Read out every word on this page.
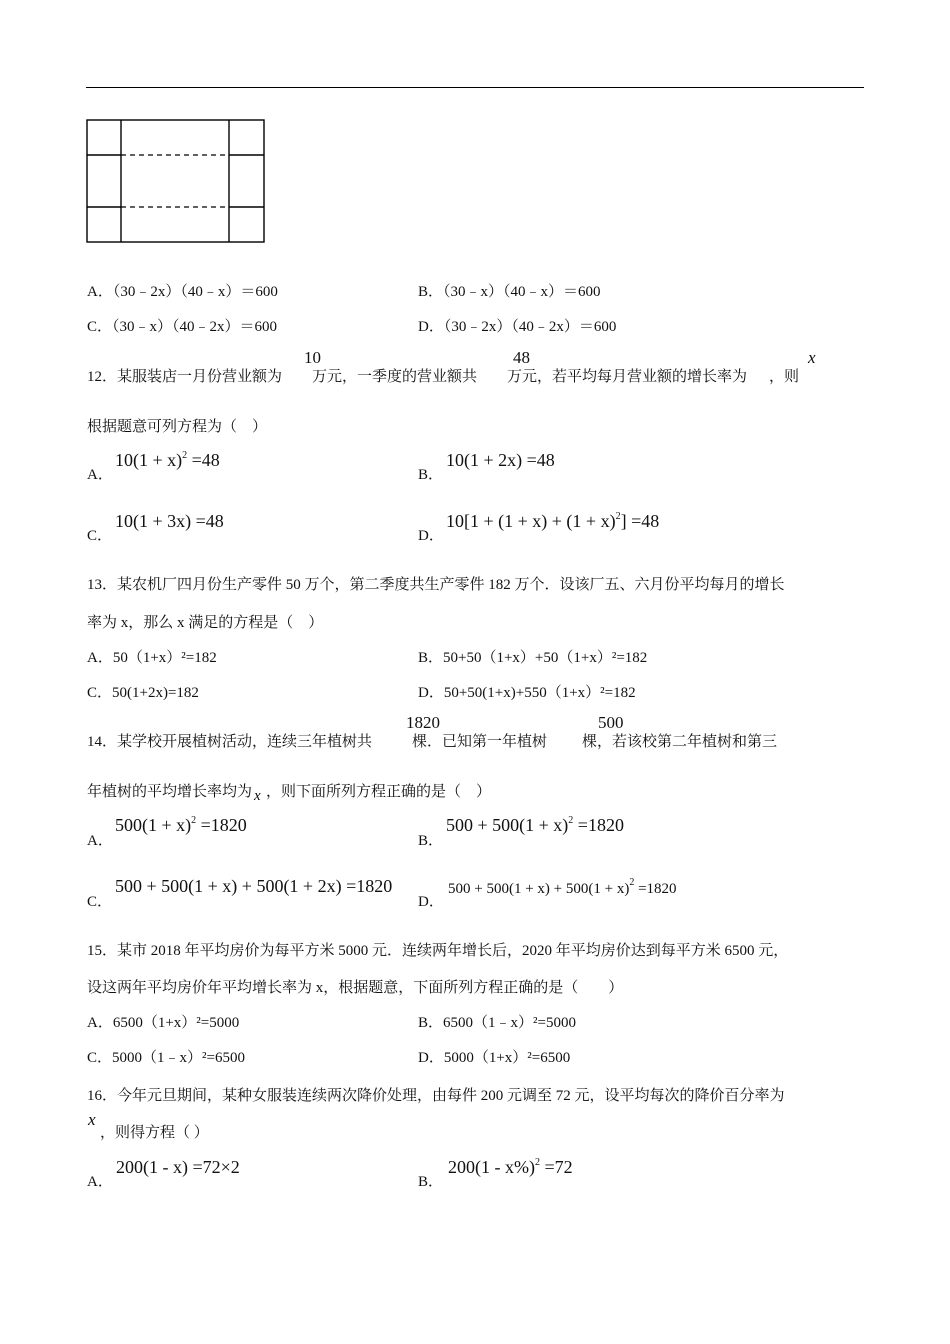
A．（30﹣2x）（40﹣x）＝600	B．（30﹣x）（40﹣x）＝600
C．（30﹣x）（40﹣2x）＝600	D．（30﹣2x）（40﹣2x）＝600
12．某服装店一月份营业额为 万元，一季度的营业额共 万元，若平均每月营业额的增长率为 ，则
10	48	x
根据题意可列方程为（　）
A．
$10(1 + x)^2 =48$
B．
10(1 + 2x) =48
C．
10(1 + 3x) =48
D．
$10[1 + (1 + x) + (1 + x)^2] =48$
13．某农机厂四月份生产零件 50 万个，第二季度共生产零件 182 万个．设该厂五、六月份平均每月的增长
率为 x，那么 x 满足的方程是（　）
A．50（1+x）²=182	B．50+50（1+x）+50（1+x）²=182
C．50(1+2x)=182	D．50+50(1+x)+550（1+x）²=182
14．某学校开展植树活动，连续三年植树共	棵．已知第一年植树 棵，若该校第二年植树和第三
1820	500
年植树的平均增长率均为 x ，则下面所列方程正确的是（　）
A．
$500(1 + x)^2 =1820$
B．
$500 + 500(1 + x)^2 =1820$
C．
500 + 500(1 + x) + 500(1 + 2x) =1820
D．
$500 + 500(1 + x) + 500(1 + x)^2 =1820$
15．某市 2018 年平均房价为每平方米 5000 元．连续两年增长后，2020 年平均房价达到每平方米 6500 元，
设这两年平均房价年平均增长率为 x，根据题意，下面所列方程正确的是（　　）
A．6500（1+x）²=5000	B．6500（1﹣x）²=5000
C．5000（1﹣x）²=6500	D．5000（1+x）²=6500
16．今年元旦期间，某种女服装连续两次降价处理，由每件 200 元调至 72 元，设平均每次的降价百分率为
x
，则得方程（ ）
A．
200(1 - x) =72×2
B．
200(1 - x%)$^2$ =72
